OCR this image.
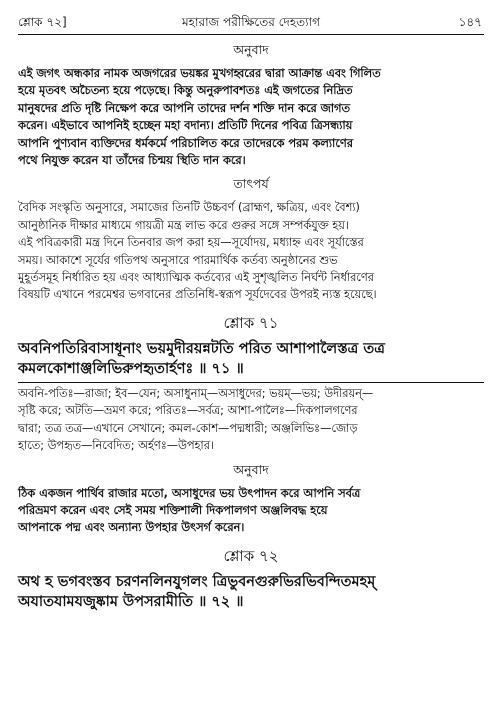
শ্লোক ৭২]	মহারাজ পরীক্ষিতের দেহত্যাগ	১৪৭
অনুবাদ

এই জগৎ অন্ধকার নামক অজগরের ভয়ঙ্কর মুখগহ্বরের দ্বারা আক্রান্ত এবং গিলিত

হয়ে মৃতবৎ অচৈতন্য হয়ে পড়েছে। কিন্তু অনুরুপাবশতঃ এই জগতের নিদ্রিত

মানুষদের প্রতি দৃষ্টি নিক্ষেপ করে আপনি তাদের দর্শন শক্তি দান করে জাগত

করেন। এইভাবে আপনিই হচ্ছেন মহা বদান্য। প্রতিটি দিনের পবিত্র ত্রিসন্ধ্যায়

আপনি পুণ্যবান ব্যক্তিদের ধর্মকর্মে পরিচালিত করে তাদেরকে পরম কল্যাণের

পথে নিযুক্ত করেন যা তাঁদের চিন্ময় স্থিতি দান করে।

তাৎপর্য

বৈদিক সংস্কৃতি অনুসারে, সমাজের তিনটি উচ্চবর্ণ (ব্রাহ্মণ, ক্ষত্রিয়, এবং বৈশ্য)

আনুষ্ঠানিক দীক্ষার মাধ্যমে গায়ত্রী মন্ত্র লাভ করে গুরুর সঙ্গে সম্পর্কযুক্ত হয়।

এই পবিত্রকারী মন্ত্র দিনে তিনবার জপ করা হয়—সূর্যোদয়, মধ্যাহ্ন এবং সূর্যাস্তের

সময়। আকাশে সূর্যের গতিপথ অনুসারে পারমার্থিক কর্তব্য অনুষ্ঠানের শুভ

মুহূর্তসমূহ নির্ধারিত হয় এবং আধ্যাত্মিক কর্তব্যের এই সুশৃঙ্খলিত নির্ঘন্ট নির্ধারণের

বিষয়টি এখানে পরমেশ্বর ভগবানের প্রতিনিধি-স্বরূপ সূর্যদেবের উপরই ন্যস্ত হয়েছে।

শ্লোক ৭১

অবনিপতিরিবাসাধূনাং ভয়মুদীরয়ন্নটতি পরিত আশাপালৈস্তত্র তত্র

কমলকোশাঞ্জলিভিরুপহৃতার্হণঃ ॥ ৭১ ॥

অবনি-পতিঃ—রাজা; ইব—যেন; অসাধুনাম্—অসাধুদের; ভয়ম্—ভয়; উদীরয়ন্—

সৃষ্টি করে; অটতি—ভ্রমণ করে; পরিতঃ—সর্বত্র; আশা-পালৈঃ—দিকপালগণের

দ্বারা; তত্র তত্র—এখানে সেখানে; কমল-কোশ—পদ্মধারী; অঞ্জলিভিঃ—জোড়

হাতে; উপহৃত—নিবেদিত; অর্হণঃ—উপহার।

অনুবাদ

ঠিক একজন পার্থিব রাজার মতো, অসাধুদের ভয় উৎপাদন করে আপনি সর্বত্র

পরিভ্রমণ করেন এবং সেই সময় শক্তিশালী দিকপালগণ অঞ্জলিবদ্ধ হয়ে

আপনাকে পদ্ম এবং অন্যান্য উপহার উৎসর্গ করেন।

শ্লোক ৭২

অথ হ ভগবংস্তব চরণনলিনযুগলং ত্রিভুবনগুরুভিরভিবন্দিতমহম্

অযাতযামযজুষ্কাম উপসরামীতি ॥ ৭২ ॥
